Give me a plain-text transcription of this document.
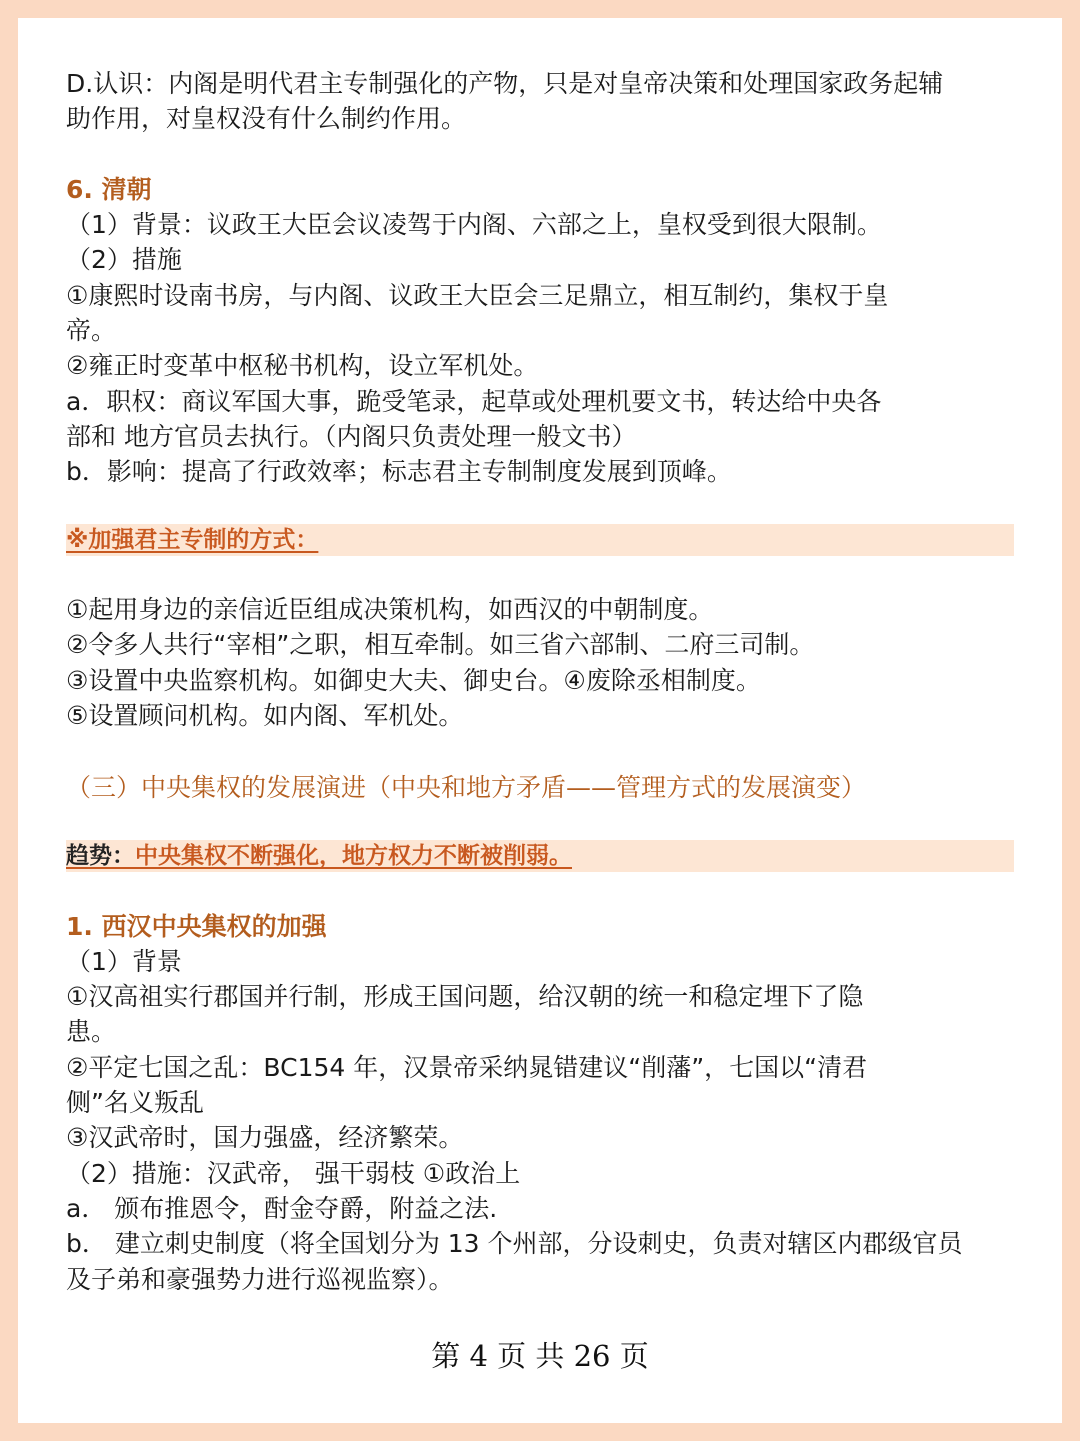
D.认识：内阁是明代君主专制强化的产物，只是对皇帝决策和处理国家政务起辅
助作用，对皇权没有什么制约作用。
6. 清朝
（1）背景：议政王大臣会议凌驾于内阁、六部之上，皇权受到很大限制。
（2）措施
①康熙时设南书房，与内阁、议政王大臣会三足鼎立，相互制约，集权于皇
帝。
②雍正时变革中枢秘书机构，设立军机处。
a．职权：商议军国大事，跪受笔录，起草或处理机要文书，转达给中央各
部和 地方官员去执行。（内阁只负责处理一般文书）
b．影响：提高了行政效率；标志君主专制制度发展到顶峰。
※加强君主专制的方式：
①起用身边的亲信近臣组成决策机构，如西汉的中朝制度。
②令多人共行“宰相”之职，相互牵制。如三省六部制、二府三司制。
③设置中央监察机构。如御史大夫、御史台。④废除丞相制度。
⑤设置顾问机构。如内阁、军机处。
（三）中央集权的发展演进（中央和地方矛盾——管理方式的发展演变）
趋势：中央集权不断强化，地方权力不断被削弱。
1. 西汉中央集权的加强
（1）背景
①汉高祖实行郡国并行制，形成王国问题，给汉朝的统一和稳定埋下了隐
患。
②平定七国之乱：BC154 年，汉景帝采纳晁错建议“削藩”，七国以“清君
侧”名义叛乱
③汉武帝时，国力强盛，经济繁荣。
（2）措施：汉武帝， 强干弱枝 ①政治上
a． 颁布推恩令，酎金夺爵，附益之法.
b． 建立刺史制度（将全国划分为 13 个州部，分设刺史，负责对辖区内郡级官员
及子弟和豪强势力进行巡视监察）。
第 4 页 共 26 页
